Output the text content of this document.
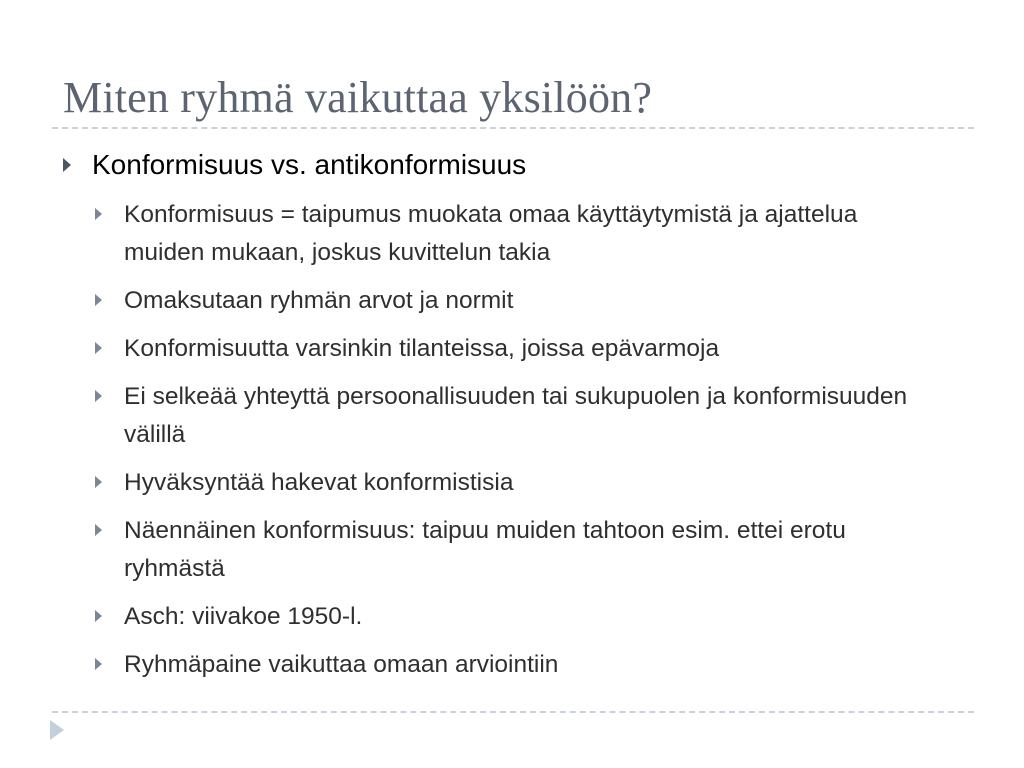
Miten ryhmä vaikuttaa yksilöön?
Konformisuus vs. antikonformisuus
Konformisuus = taipumus muokata omaa käyttäytymistä ja ajattelua muiden mukaan, joskus kuvittelun takia
Omaksutaan ryhmän arvot ja normit
Konformisuutta varsinkin tilanteissa, joissa epävarmoja
Ei selkeää yhteyttä persoonallisuuden tai sukupuolen ja konformisuuden välillä
Hyväksyntää hakevat konformistisia
Näennäinen konformisuus: taipuu muiden tahtoon esim. ettei erotu ryhmästä
Asch: viivakoe 1950-l.
Ryhmäpaine vaikuttaa omaan arviointiin
